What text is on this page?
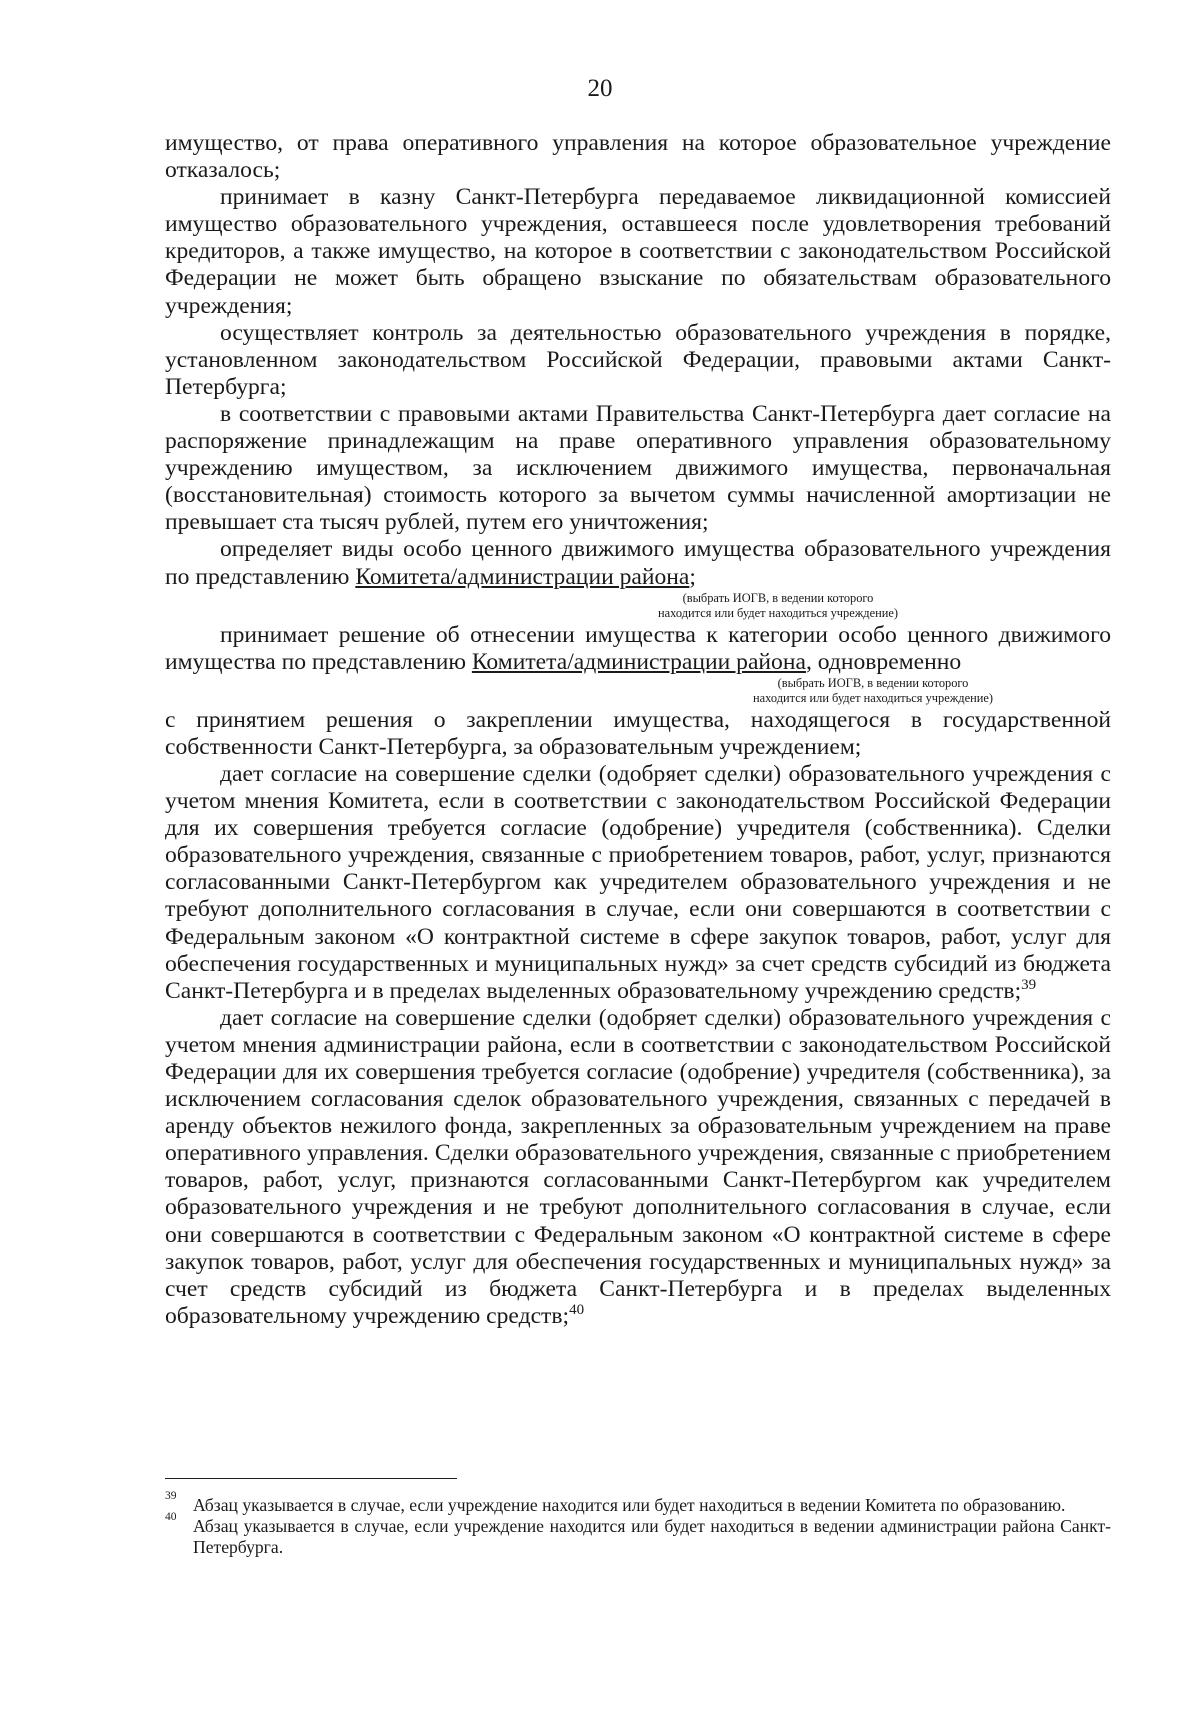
20

имущество, от права оперативного управления на которое образовательное учреждение отказалось;

принимает в казну Санкт-Петербурга передаваемое ликвидационной комиссией имущество образовательного учреждения, оставшееся после удовлетворения требований кредиторов, а также имущество, на которое в соответствии с законодательством Российской Федерации не может быть обращено взыскание по обязательствам образовательного учреждения;

осуществляет контроль за деятельностью образовательного учреждения в порядке, установленном законодательством Российской Федерации, правовыми актами Санкт-Петербурга;

в соответствии с правовыми актами Правительства Санкт-Петербурга дает согласие на распоряжение принадлежащим на праве оперативного управления образовательному учреждению имуществом, за исключением движимого имущества, первоначальная (восстановительная) стоимость которого за вычетом суммы начисленной амортизации не превышает ста тысяч рублей, путем его уничтожения;

определяет виды особо ценного движимого имущества образовательного учреждения по представлению Комитета/администрации района;

(выбрать ИОГВ, в ведении которого
находится или будет находиться учреждение)

принимает решение об отнесении имущества к категории особо ценного движимого имущества по представлению Комитета/администрации района, одновременно

(выбрать ИОГВ, в ведении которого
находится или будет находиться учреждение)

с принятием решения о закреплении имущества, находящегося в государственной собственности Санкт-Петербурга, за образовательным учреждением;

дает согласие на совершение сделки (одобряет сделки) образовательного учреждения с учетом мнения Комитета, если в соответствии с законодательством Российской Федерации для их совершения требуется согласие (одобрение) учредителя (собственника). Сделки образовательного учреждения, связанные с приобретением товаров, работ, услуг, признаются согласованными Санкт-Петербургом как учредителем образовательного учреждения и не требуют дополнительного согласования в случае, если они совершаются в соответствии с Федеральным законом «О контрактной системе в сфере закупок товаров, работ, услуг для обеспечения государственных и муниципальных нужд» за счет средств субсидий из бюджета Санкт-Петербурга и в пределах выделенных образовательному учреждению средств;$^{39}$

дает согласие на совершение сделки (одобряет сделки) образовательного учреждения с учетом мнения администрации района, если в соответствии с законодательством Российской Федерации для их совершения требуется согласие (одобрение) учредителя (собственника), за исключением согласования сделок образовательного учреждения, связанных с передачей в аренду объектов нежилого фонда, закрепленных за образовательным учреждением на праве оперативного управления. Сделки образовательного учреждения, связанные с приобретением товаров, работ, услуг, признаются согласованными Санкт-Петербургом как учредителем образовательного учреждения и не требуют дополнительного согласования в случае, если они совершаются в соответствии с Федеральным законом «О контрактной системе в сфере закупок товаров, работ, услуг для обеспечения государственных и муниципальных нужд» за счет средств субсидий из бюджета Санкт-Петербурга и в пределах выделенных образовательному учреждению средств;$^{40}$

39 Абзац указывается в случае, если учреждение находится или будет находиться в ведении Комитета по образованию.

40 Абзац указывается в случае, если учреждение находится или будет находиться в ведении администрации района Санкт-Петербурга.
